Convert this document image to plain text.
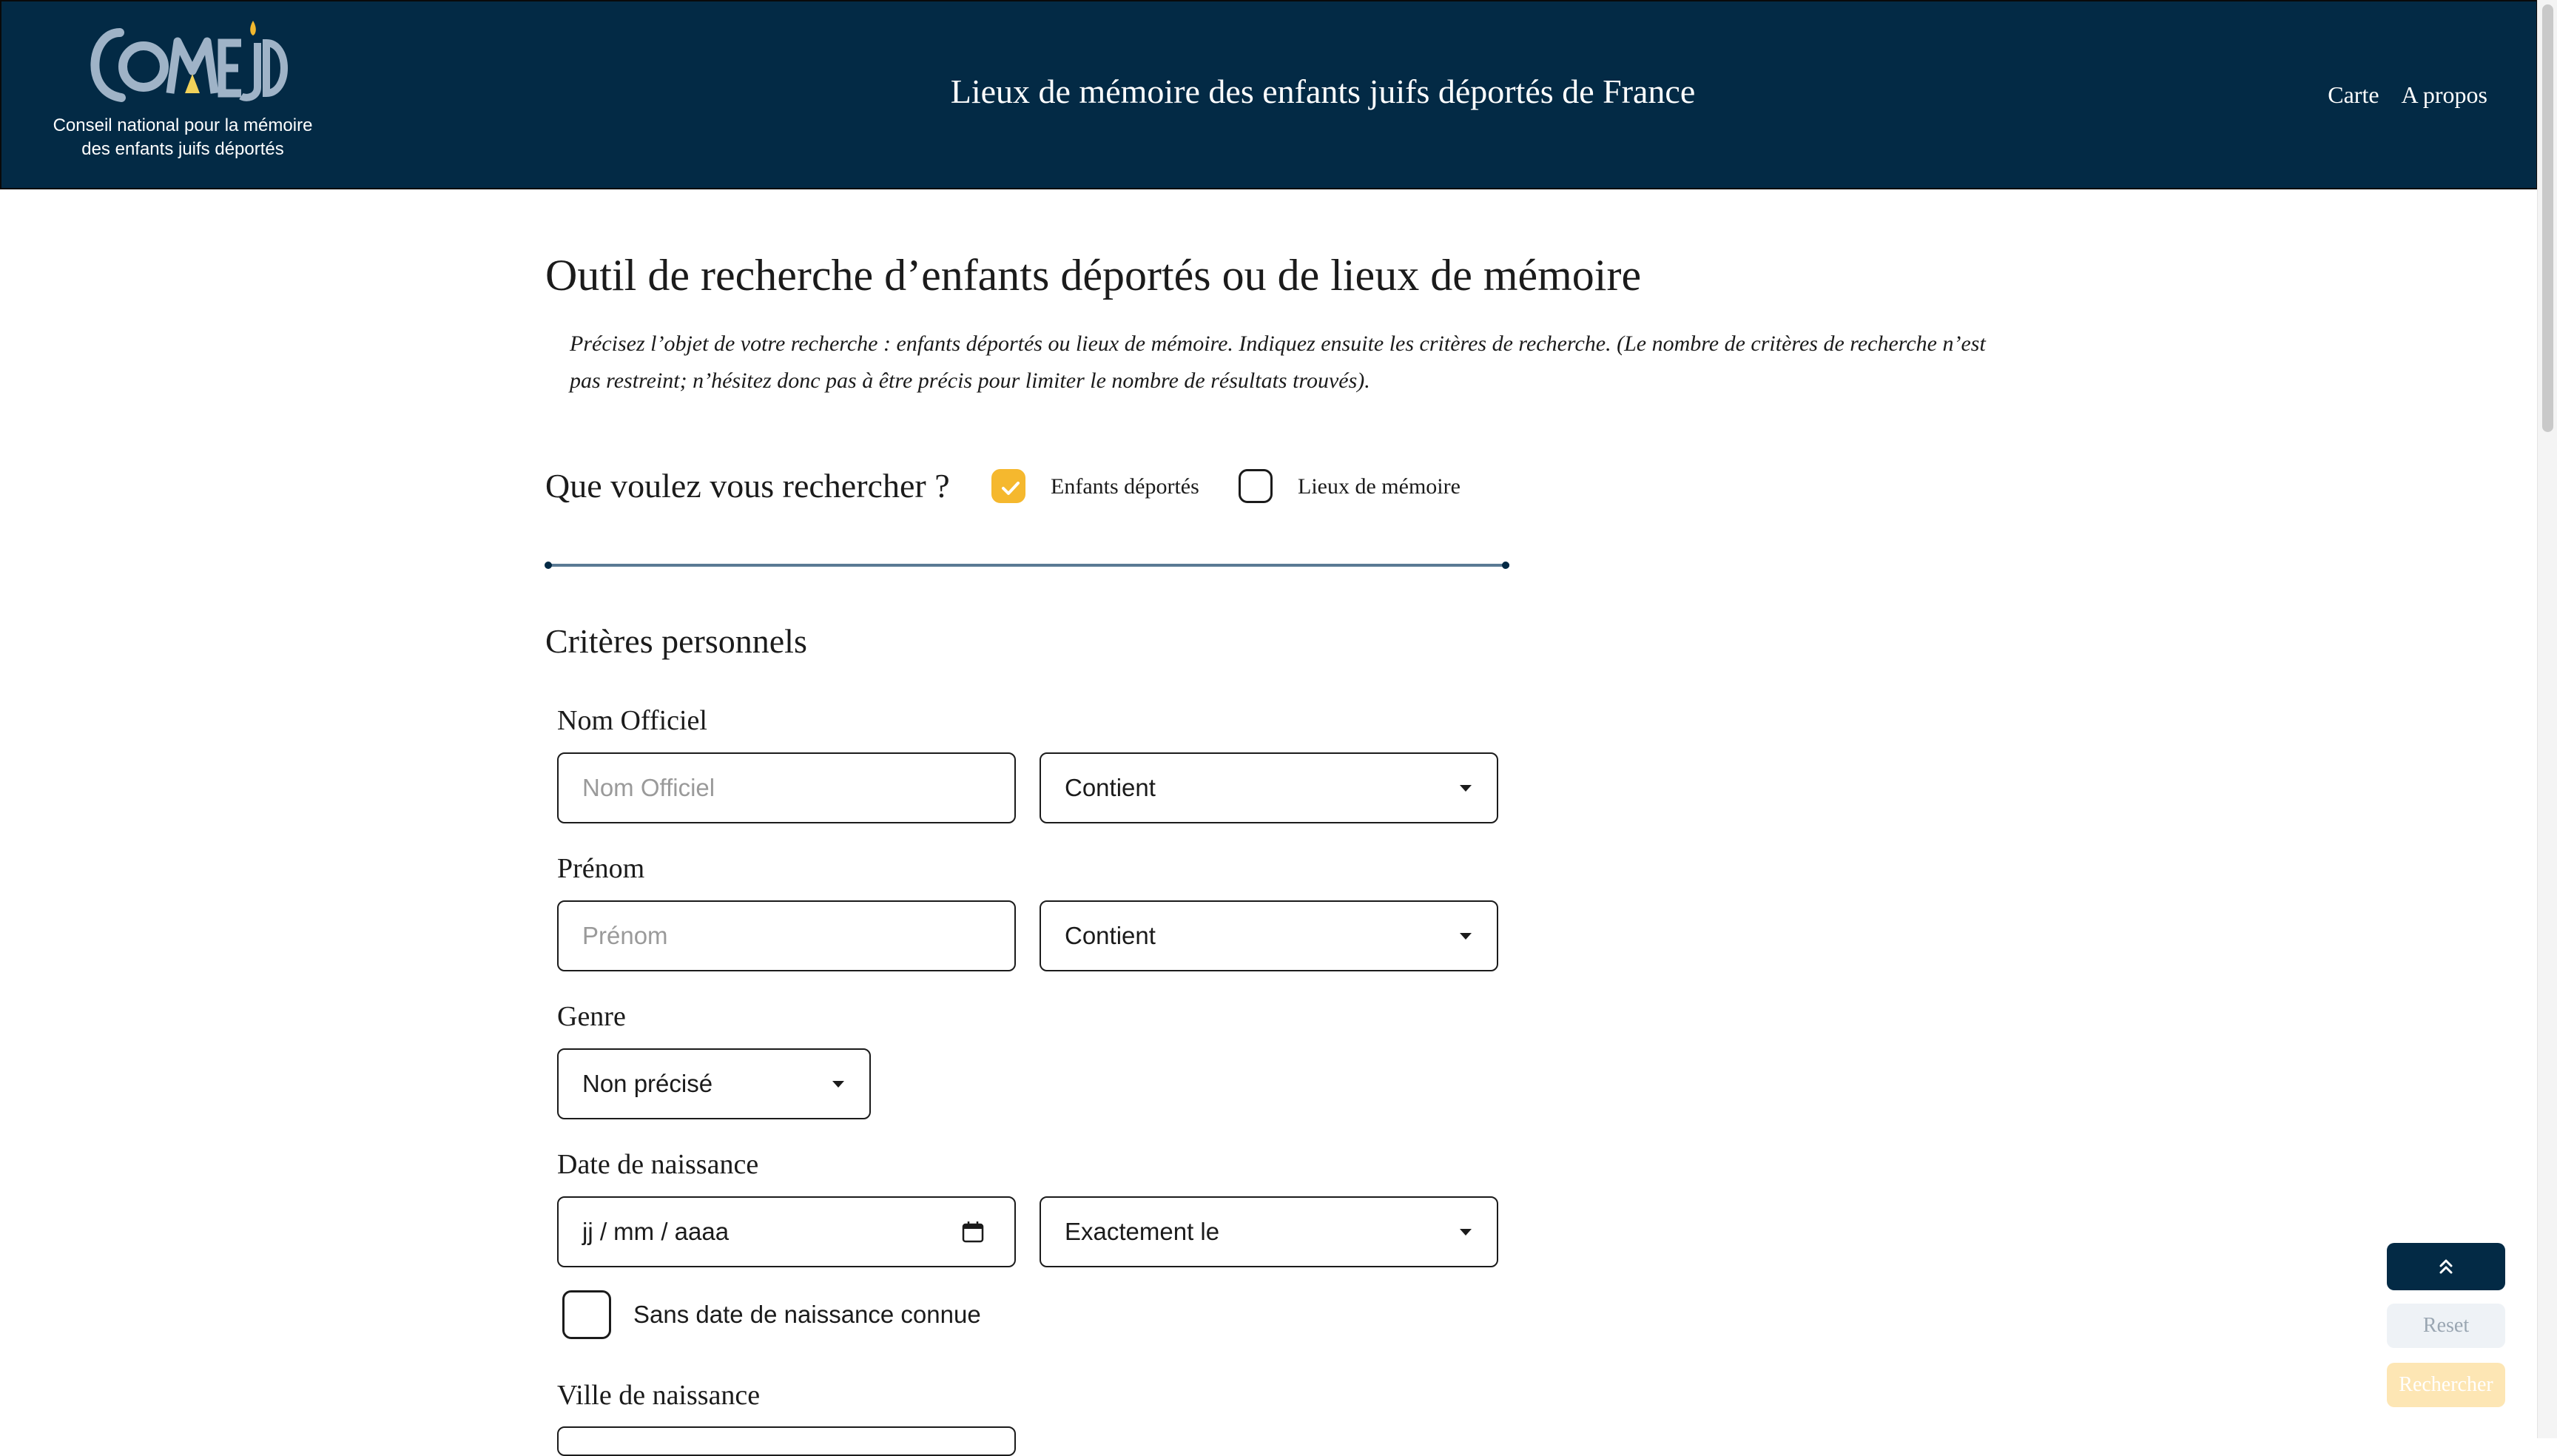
Conseil national pour la mémoire des enfants juifs déportés
Lieux de mémoire des enfants juifs déportés de France	Carte A propos
Outil de recherche d’enfants déportés ou de lieux de mémoire
Précisez l’objet de votre recherche : enfants déportés ou lieux de mémoire. Indiquez ensuite les critères de recherche. (Le nombre de critères de recherche n’est pas restreint; n’hésitez donc pas à être précis pour limiter le nombre de résultats trouvés).
Que voulez vous rechercher ?	Enfants déportés	Lieux de mémoire
Critères personnels
Nom Officiel
Nom Officiel	Contient
Prénom
Prénom	Contient
Genre
Non précisé
Date de naissance
jj / mm / aaaa	Exactement le
Sans date de naissance connue
Ville de naissance
Reset
Rechercher
